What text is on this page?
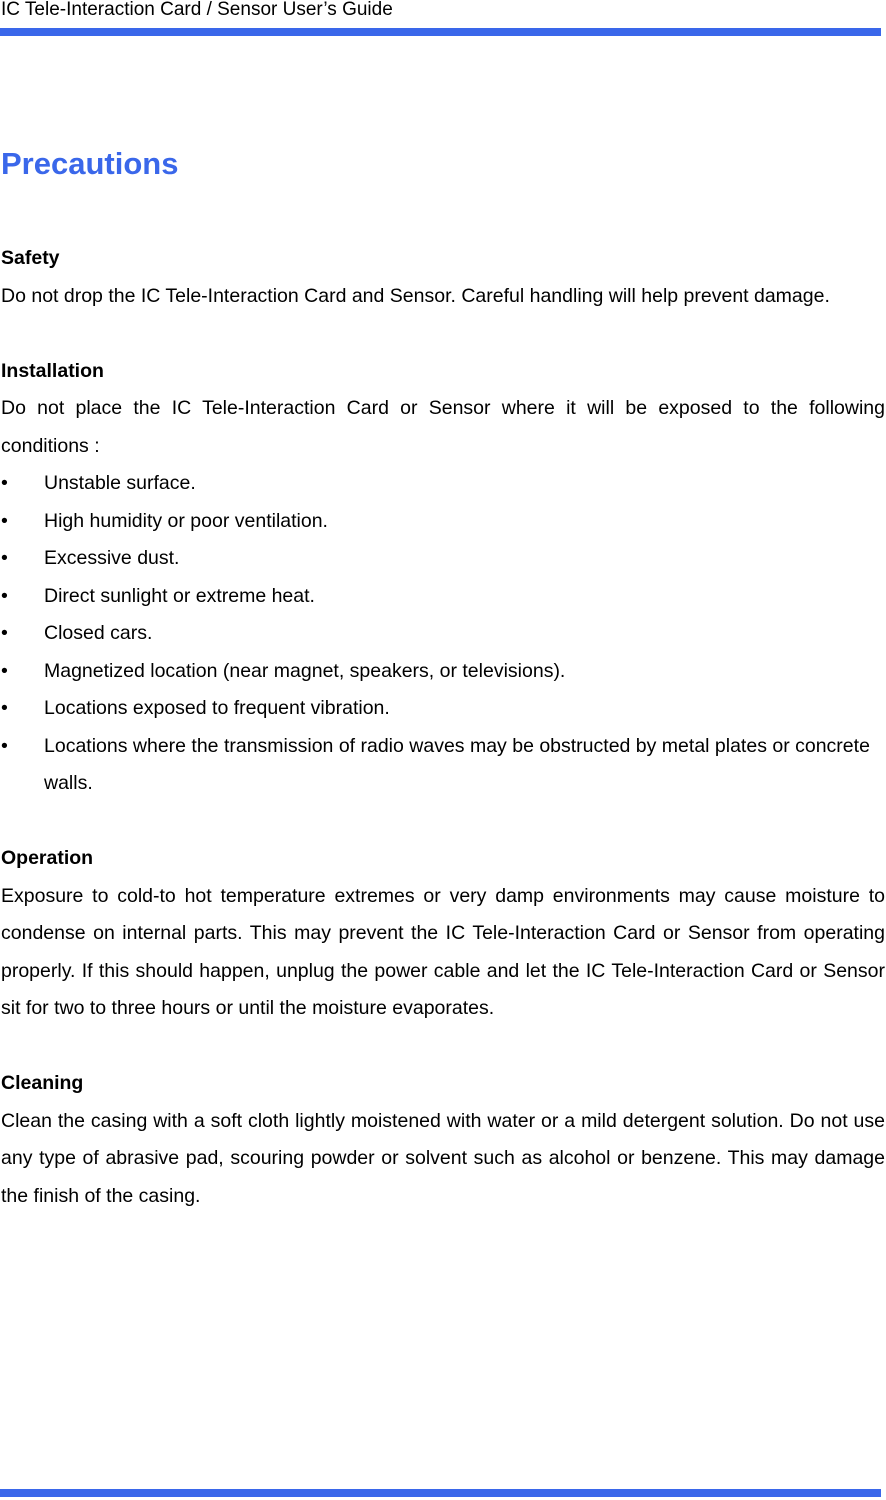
IC Tele-Interaction Card / Sensor User’s Guide
Precautions
Safety

Do not drop the IC Tele-Interaction Card and Sensor. Careful handling will help prevent damage.

Installation

Do not place the IC Tele-Interaction Card or Sensor where it will be exposed to the following conditions :

• Unstable surface.
• High humidity or poor ventilation.
• Excessive dust.
• Direct sunlight or extreme heat.
• Closed cars.
• Magnetized location (near magnet, speakers, or televisions).
• Locations exposed to frequent vibration.
• Locations where the transmission of radio waves may be obstructed by metal plates or concrete walls.
Operation

Exposure to cold-to hot temperature extremes or very damp environments may cause moisture to condense on internal parts. This may prevent the IC Tele-Interaction Card or Sensor from operating properly. If this should happen, unplug the power cable and let the IC Tele-Interaction Card or Sensor sit for two to three hours or until the moisture evaporates.

Cleaning

Clean the casing with a soft cloth lightly moistened with water or a mild detergent solution. Do not use any type of abrasive pad, scouring powder or solvent such as alcohol or benzene. This may damage the finish of the casing.
